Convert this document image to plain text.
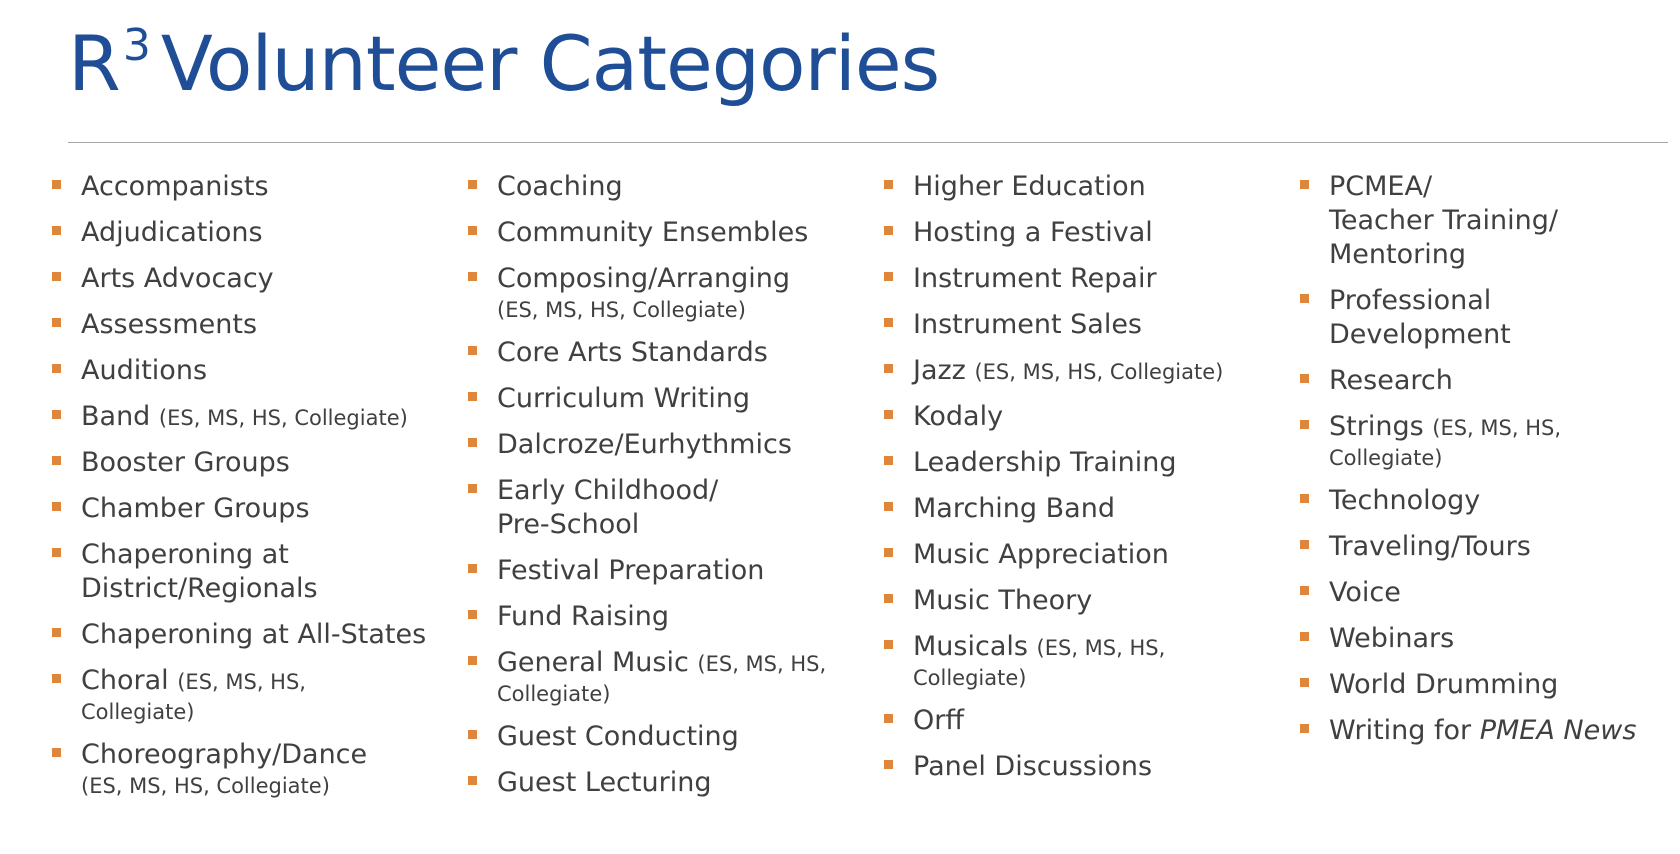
$R^3$ Volunteer Categories
Accompanists
Adjudications
Arts Advocacy
Assessments
Auditions
Band (ES, MS, HS, Collegiate)
Booster Groups
Chamber Groups
Chaperoning at
District/Regionals
Chaperoning at All-States
Choral (ES, MS, HS,
Collegiate)
Choreography/Dance
(ES, MS, HS, Collegiate)
Coaching
Community Ensembles
Composing/Arranging
(ES, MS, HS, Collegiate)
Core Arts Standards
Curriculum Writing
Dalcroze/Eurhythmics
Early Childhood/
Pre-School
Festival Preparation
Fund Raising
General Music (ES, MS, HS,
Collegiate)
Guest Conducting
Guest Lecturing
Higher Education
Hosting a Festival
Instrument Repair
Instrument Sales
Jazz (ES, MS, HS, Collegiate)
Kodaly
Leadership Training
Marching Band
Music Appreciation
Music Theory
Musicals (ES, MS, HS,
Collegiate)
Orff
Panel Discussions
PCMEA/
Teacher Training/
Mentoring
Professional
Development
Research
Strings (ES, MS, HS,
Collegiate)
Technology
Traveling/Tours
Voice
Webinars
World Drumming
Writing for PMEA News
